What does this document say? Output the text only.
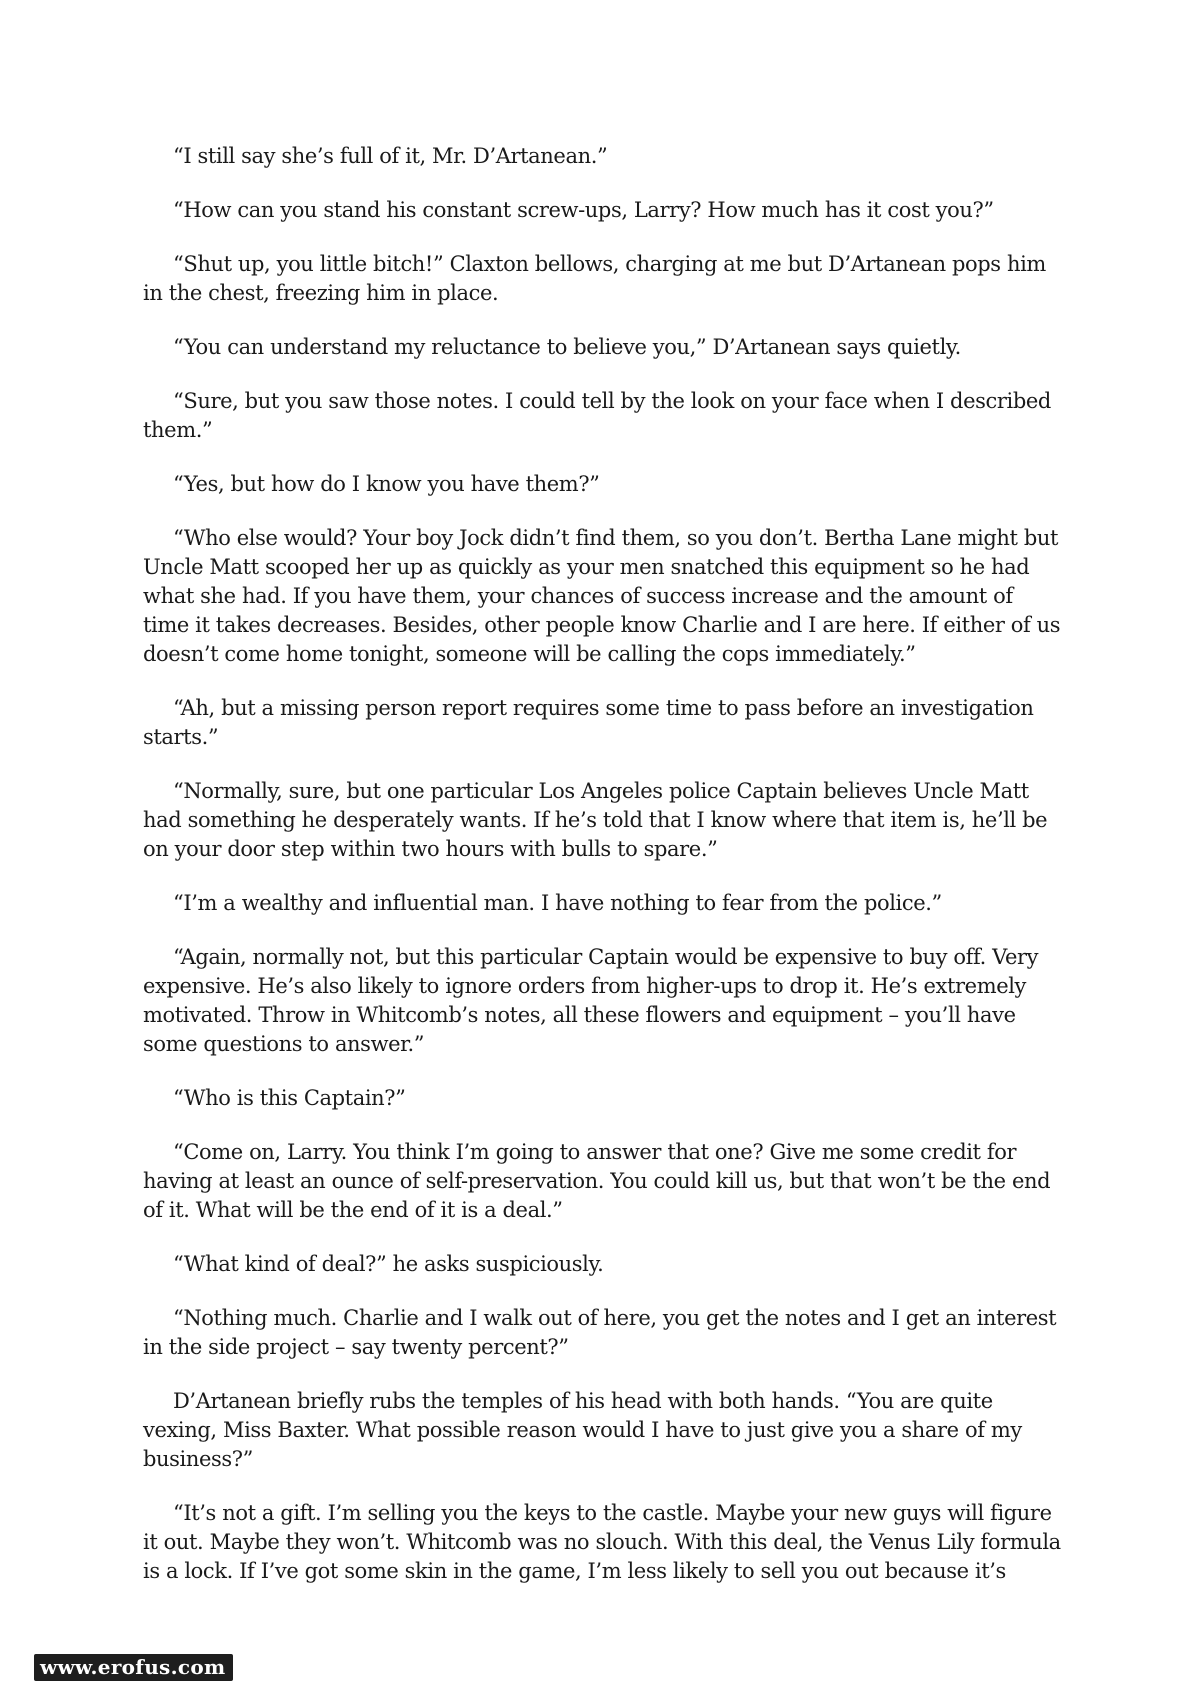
“I still say she’s full of it, Mr. D’Artanean.”

“How can you stand his constant screw-ups, Larry? How much has it cost you?”

“Shut up, you little bitch!” Claxton bellows, charging at me but D’Artanean pops him in the chest, freezing him in place.

“You can understand my reluctance to believe you,” D’Artanean says quietly.

“Sure, but you saw those notes. I could tell by the look on your face when I described them.”

“Yes, but how do I know you have them?”

“Who else would? Your boy Jock didn’t find them, so you don’t. Bertha Lane might but Uncle Matt scooped her up as quickly as your men snatched this equipment so he had what she had. If you have them, your chances of success increase and the amount of time it takes decreases. Besides, other people know Charlie and I are here. If either of us doesn’t come home tonight, someone will be calling the cops immediately.”

“Ah, but a missing person report requires some time to pass before an investigation starts.”

“Normally, sure, but one particular Los Angeles police Captain believes Uncle Matt had something he desperately wants. If he’s told that I know where that item is, he’ll be on your door step within two hours with bulls to spare.”

“I’m a wealthy and influential man. I have nothing to fear from the police.”

“Again, normally not, but this particular Captain would be expensive to buy off. Very expensive. He’s also likely to ignore orders from higher-ups to drop it. He’s extremely motivated. Throw in Whitcomb’s notes, all these flowers and equipment – you’ll have some questions to answer.”

“Who is this Captain?”

“Come on, Larry. You think I’m going to answer that one? Give me some credit for having at least an ounce of self-preservation. You could kill us, but that won’t be the end of it. What will be the end of it is a deal.”

“What kind of deal?” he asks suspiciously.

“Nothing much. Charlie and I walk out of here, you get the notes and I get an interest in the side project – say twenty percent?”

D’Artanean briefly rubs the temples of his head with both hands. “You are quite vexing, Miss Baxter. What possible reason would I have to just give you a share of my business?”

“It’s not a gift. I’m selling you the keys to the castle. Maybe your new guys will figure it out. Maybe they won’t. Whitcomb was no slouch. With this deal, the Venus Lily formula is a lock. If I’ve got some skin in the game, I’m less likely to sell you out because it’s

www.erofus.com
